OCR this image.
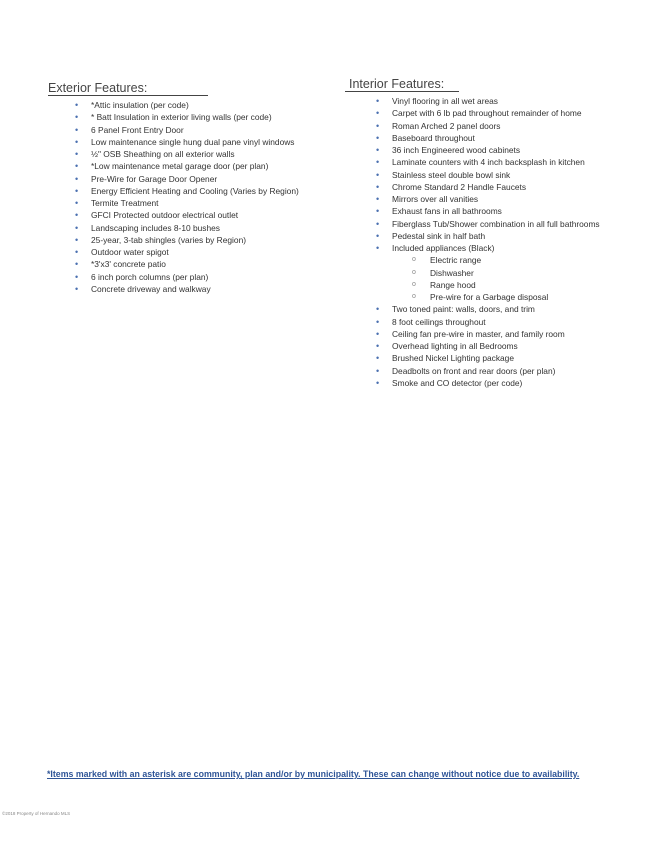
Exterior Features:
• *Attic insulation (per code)
• * Batt Insulation in exterior living walls (per code)
• 6 Panel Front Entry Door
• Low maintenance single hung dual pane vinyl windows
• ½" OSB Sheathing on all exterior walls
• *Low maintenance metal garage door (per plan)
• Pre-Wire for Garage Door Opener
• Energy Efficient Heating and Cooling (Varies by Region)
• Termite Treatment
• GFCI Protected outdoor electrical outlet
• Landscaping includes 8-10 bushes
• 25-year, 3-tab shingles (varies by Region)
• Outdoor water spigot
• *3'x3' concrete patio
• 6 inch porch columns (per plan)
• Concrete driveway and walkway
Interior Features:
• Vinyl flooring in all wet areas
• Carpet with 6 lb pad throughout remainder of home
• Roman Arched 2 panel doors
• Baseboard throughout
• 36 inch Engineered wood cabinets
• Laminate counters with 4 inch backsplash in kitchen
• Stainless steel double bowl sink
• Chrome Standard 2 Handle Faucets
• Mirrors over all vanities
• Exhaust fans in all bathrooms
• Fiberglass Tub/Shower combination in all full bathrooms
• Pedestal sink in half bath
• Included appliances (Black)
o Electric range
o Dishwasher
o Range hood
o Pre-wire for a Garbage disposal
• Two toned paint: walls, doors, and trim
• 8 foot ceilings throughout
• Ceiling fan pre-wire in master, and family room
• Overhead lighting in all Bedrooms
• Brushed Nickel Lighting package
• Deadbolts on front and rear doors (per plan)
• Smoke and CO detector (per code)
*Items marked with an asterisk are community, plan and/or by municipality. These can change without notice due to availability.
©2018 Property of Hernando MLS
